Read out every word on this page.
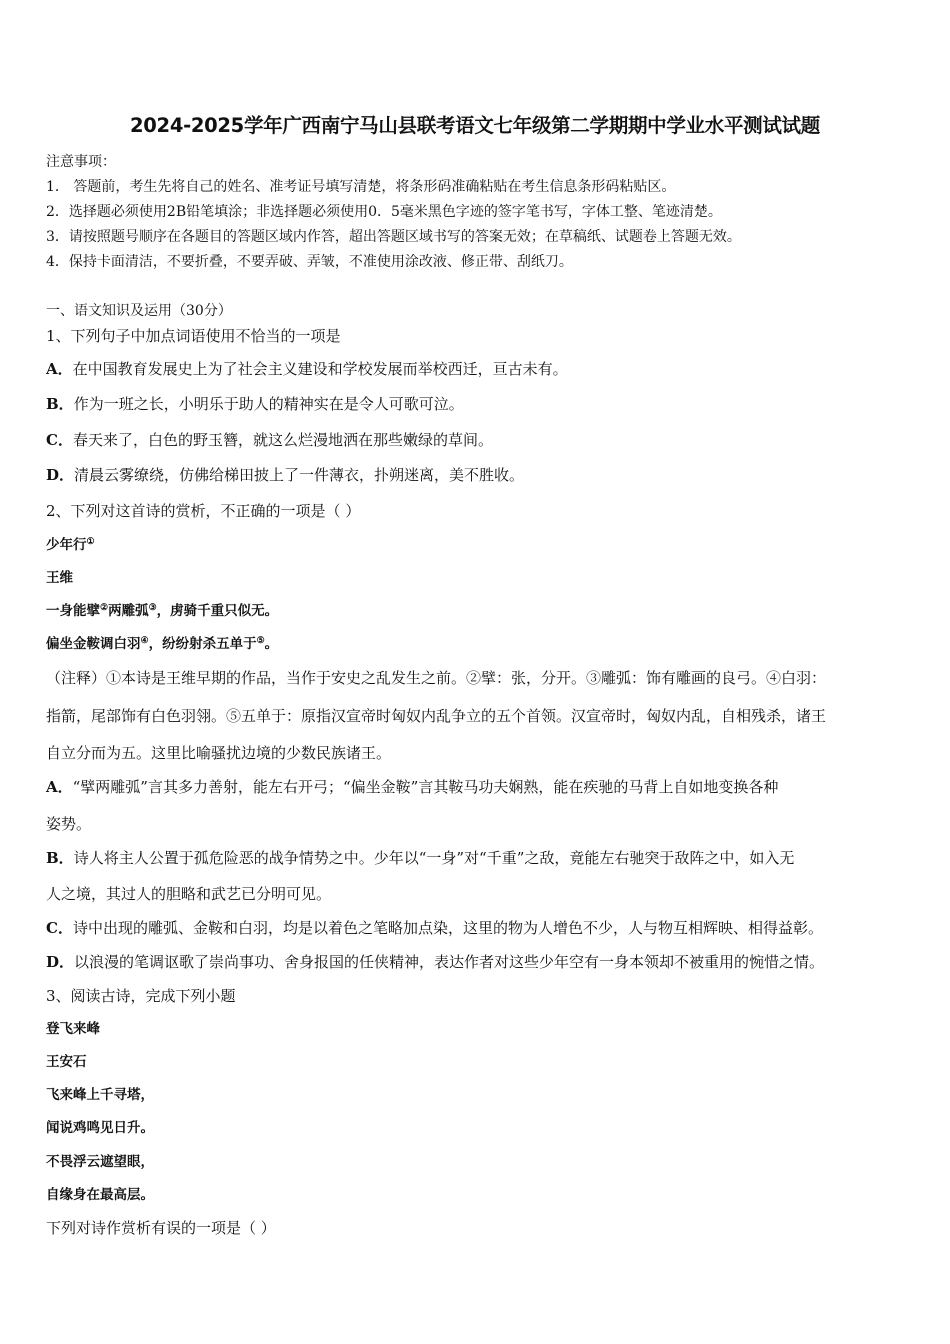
2024-2025学年广西南宁马山县联考语文七年级第二学期期中学业水平测试试题
注意事项：
1． 答题前，考生先将自己的姓名、准考证号填写清楚，将条形码准确粘贴在考生信息条形码粘贴区。
2．选择题必须使用2B铅笔填涂；非选择题必须使用0．5毫米黑色字迹的签字笔书写，字体工整、笔迹清楚。
3．请按照题号顺序在各题目的答题区域内作答，超出答题区域书写的答案无效；在草稿纸、试题卷上答题无效。
4．保持卡面清洁，不要折叠，不要弄破、弄皱，不准使用涂改液、修正带、刮纸刀。
一、语文知识及运用（30分）
1、下列句子中加点词语使用不恰当的一项是
A．在中国教育发展史上为了社会主义建设和学校发展而举校西迁，亘古未有。
B．作为一班之长，小明乐于助人的精神实在是令人可歌可泣。
C．春天来了，白色的野玉簪，就这么烂漫地洒在那些嫩绿的草间。
D．清晨云雾缭绕，仿佛给梯田披上了一件薄衣，扑朔迷离，美不胜收。
2、下列对这首诗的赏析，不正确的一项是（ ）
少年行①
王维
一身能擘②两雕弧③，虏骑千重只似无。
偏坐金鞍调白羽④，纷纷射杀五单于⑤。
（注释）①本诗是王维早期的作品，当作于安史之乱发生之前。②擘：张，分开。③雕弧：饰有雕画的良弓。④白羽：
指箭，尾部饰有白色羽翎。⑤五单于：原指汉宣帝时匈奴内乱争立的五个首领。汉宣帝时，匈奴内乱，自相残杀，诸王
自立分而为五。这里比喻骚扰边境的少数民族诸王。
A．“擘两雕弧”言其多力善射，能左右开弓；“偏坐金鞍”言其鞍马功夫娴熟，能在疾驰的马背上自如地变换各种
姿势。
B．诗人将主人公置于孤危险恶的战争情势之中。少年以“一身”对“千重”之敌，竟能左右驰突于敌阵之中，如入无
人之境，其过人的胆略和武艺已分明可见。
C．诗中出现的雕弧、金鞍和白羽，均是以着色之笔略加点染，这里的物为人增色不少，人与物互相辉映、相得益彰。
D．以浪漫的笔调讴歌了崇尚事功、舍身报国的任侠精神，表达作者对这些少年空有一身本领却不被重用的惋惜之情。
3、阅读古诗，完成下列小题
登飞来峰
王安石
飞来峰上千寻塔，
闻说鸡鸣见日升。
不畏浮云遮望眼，
自缘身在最高层。
下列对诗作赏析有误的一项是（ ）
